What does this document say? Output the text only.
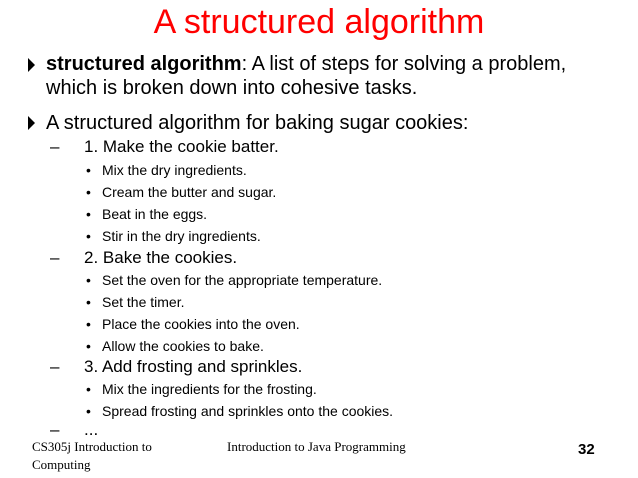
A structured algorithm
structured algorithm: A list of steps for solving a problem, which is broken down into cohesive tasks.
A structured algorithm for baking sugar cookies:
– 1. Make the cookie batter.
• Mix the dry ingredients.
• Cream the butter and sugar.
• Beat in the eggs.
• Stir in the dry ingredients.
– 2. Bake the cookies.
• Set the oven for the appropriate temperature.
• Set the timer.
• Place the cookies into the oven.
• Allow the cookies to bake.
– 3. Add frosting and sprinkles.
• Mix the ingredients for the frosting.
• Spread frosting and sprinkles onto the cookies.
– ...
CS305j Introduction to Computing
Introduction to Java Programming	32
